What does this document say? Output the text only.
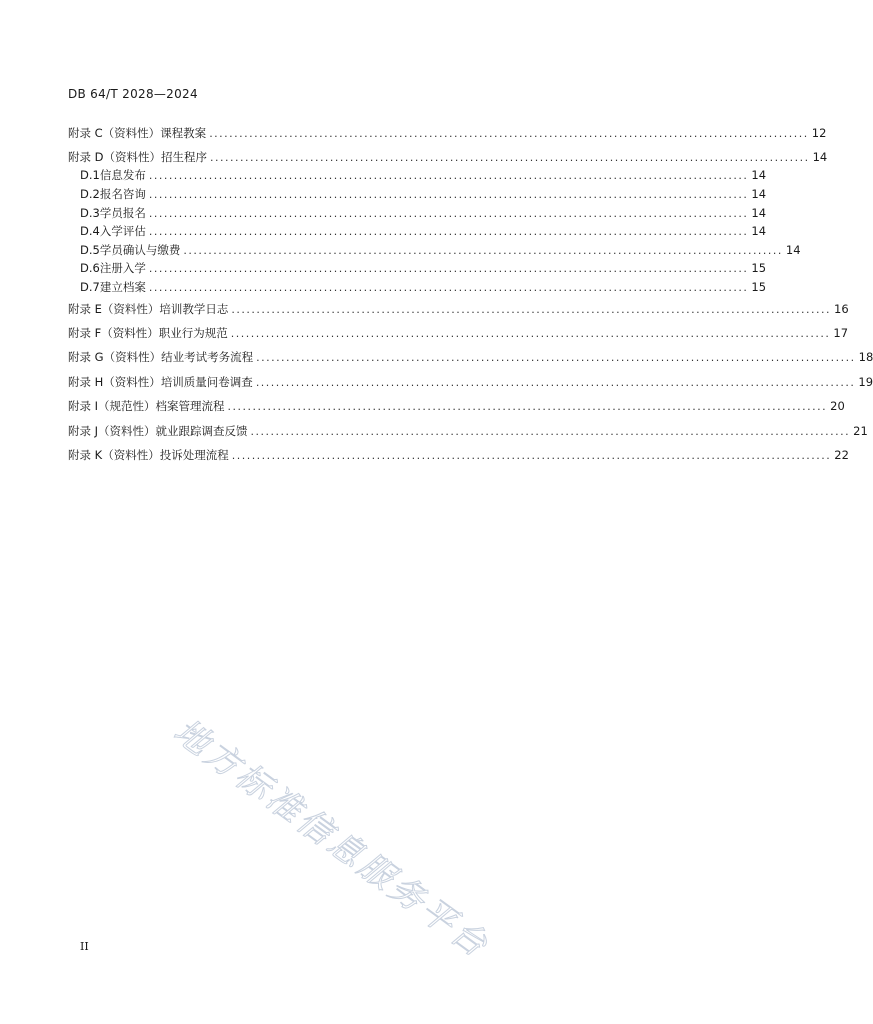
DB 64/T 2028—2024
附录 C（资料性） 课程教案 ........................................................................................................................ 12
附录 D（资料性） 招生程序 ........................................................................................................................ 14
D.1 信息发布 ........................................................................................................................ 14
D.2 报名咨询 ........................................................................................................................ 14
D.3 学员报名 ........................................................................................................................ 14
D.4 入学评估 ........................................................................................................................ 14
D.5 学员确认与缴费 ........................................................................................................................ 14
D.6 注册入学 ........................................................................................................................ 15
D.7 建立档案 ........................................................................................................................ 15
附录 E（资料性） 培训教学日志 ........................................................................................................................ 16
附录 F（资料性） 职业行为规范 ........................................................................................................................ 17
附录 G（资料性） 结业考试考务流程 ........................................................................................................................ 18
附录 H（资料性） 培训质量问卷调查 ........................................................................................................................ 19
附录 I（规范性） 档案管理流程 ........................................................................................................................ 20
附录 J（资料性） 就业跟踪调查反馈 ........................................................................................................................ 21
附录 K（资料性） 投诉处理流程 ........................................................................................................................ 22
II 地方标准信息服务平台
